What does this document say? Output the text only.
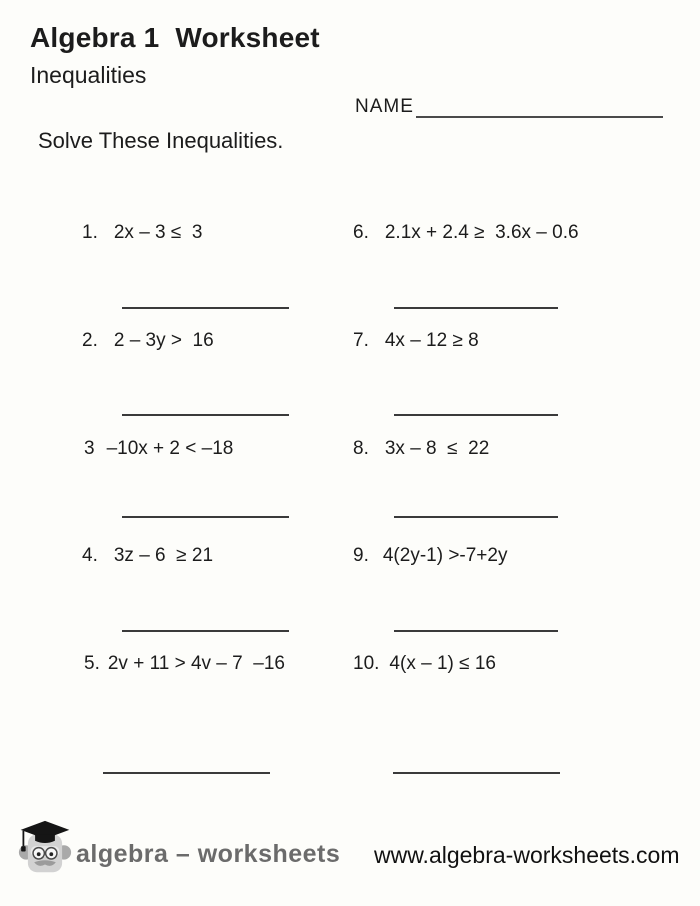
Algebra 1  Worksheet
Inequalities
NAME
Solve These Inequalities.
1. 2x – 3 ≤  3
2. 2 – 3y >  16
3 –10x + 2 < –18
4. 3z – 6  ≥ 21
5. 2v + 11 > 4v – 7  –16
6. 2.1x + 2.4 ≥  3.6x – 0.6
7. 4x – 12 ≥ 8
8. 3x – 8  ≤  22
9. 4(2y-1) >-7+2y
10. 4(x – 1) ≤ 16
algebra – worksheets www.algebra-worksheets.com
